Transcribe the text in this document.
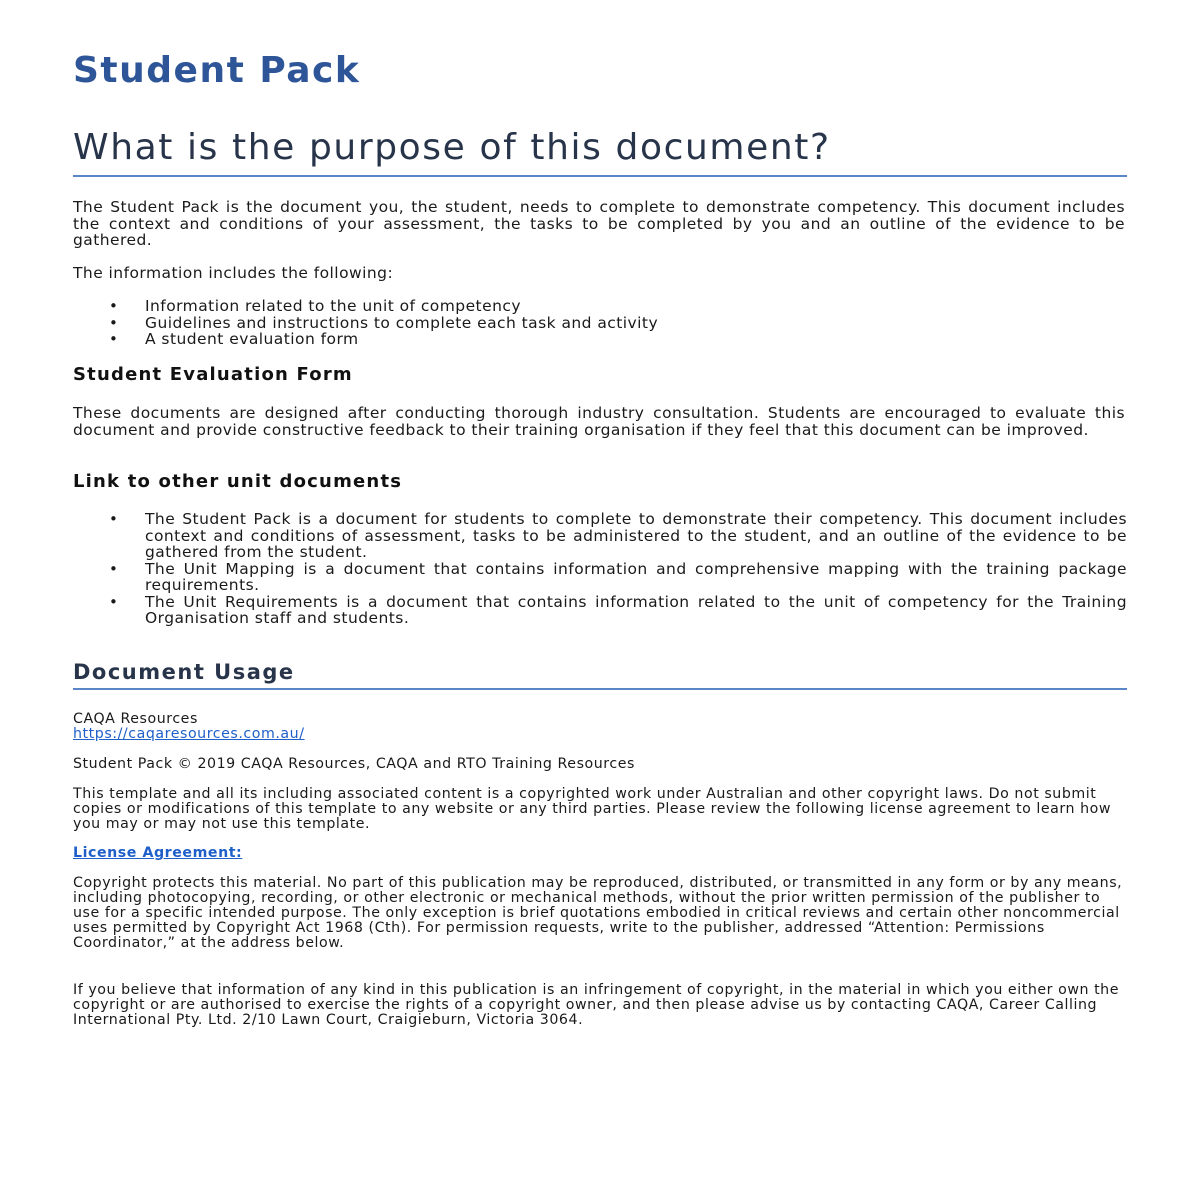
Student Pack
What is the purpose of this document?

The Student Pack is the document you, the student, needs to complete to demonstrate competency. This document includes the context and conditions of your assessment, the tasks to be completed by you and an outline of the evidence to be gathered.

The information includes the following:

• Information related to the unit of competency
• Guidelines and instructions to complete each task and activity
• A student evaluation form
Student Evaluation Form

These documents are designed after conducting thorough industry consultation. Students are encouraged to evaluate this document and provide constructive feedback to their training organisation if they feel that this document can be improved.

Link to other unit documents
• The Student Pack is a document for students to complete to demonstrate their competency. This document includes context and conditions of assessment, tasks to be administered to the student, and an outline of the evidence to be gathered from the student.
• The Unit Mapping is a document that contains information and comprehensive mapping with the training package requirements.
• The Unit Requirements is a document that contains information related to the unit of competency for the Training Organisation staff and students.
Document Usage

CAQA Resources

https://caqaresources.com.au/

Student Pack © 2019 CAQA Resources, CAQA and RTO Training Resources

This template and all its including associated content is a copyrighted work under Australian and other copyright laws. Do not submit copies or modifications of this template to any website or any third parties. Please review the following license agreement to learn how you may or may not use this template.

License Agreement:

Copyright protects this material. No part of this publication may be reproduced, distributed, or transmitted in any form or by any means, including photocopying, recording, or other electronic or mechanical methods, without the prior written permission of the publisher to use for a specific intended purpose. The only exception is brief quotations embodied in critical reviews and certain other noncommercial uses permitted by Copyright Act 1968 (Cth). For permission requests, write to the publisher, addressed “Attention: Permissions Coordinator,” at the address below.

If you believe that information of any kind in this publication is an infringement of copyright, in the material in which you either own the copyright or are authorised to exercise the rights of a copyright owner, and then please advise us by contacting CAQA, Career Calling International Pty. Ltd. 2/10 Lawn Court, Craigieburn, Victoria 3064.
